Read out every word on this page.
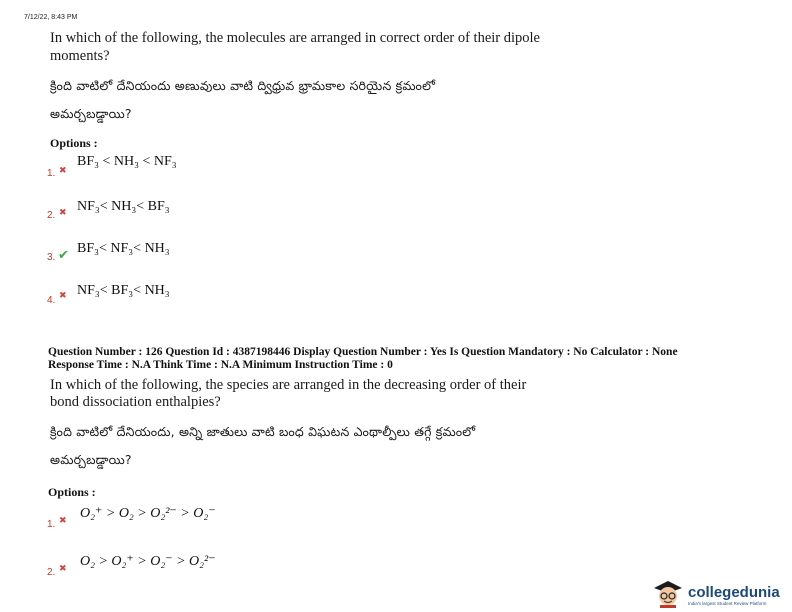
7/12/22, 8:43 PM
In which of the following, the molecules are arranged in correct order of their dipole
moments?
క్రింది వాటిలో దేనియందు అణువులు వాటి ద్విధ్రువ భ్రామకాల సరియైన క్రమంలో
అమర్చబడ్డాయి?
Options :
1. ✖
BF₃ < NH₃ < NF₃
2. ✖ NF₃< NH₃< BF₃
3. ✔ BF₃< NF₃< NH₃
4. ✖ NF₃< BF₃< NH₃
Question Number : 126 Question Id : 4387198446 Display Question Number : Yes Is Question Mandatory : No Calculator : None
Response Time : N.A Think Time : N.A Minimum Instruction Time : 0
In which of the following, the species are arranged in the decreasing order of their
bond dissociation enthalpies?
క్రింది వాటిలో దేనియందు, అన్ని జాతులు వాటి బంధ విఘటన ఎంథాల్పీలు తగ్గే క్రమంలో
అమర్చబడ్డాయి?
Options :
1. ✖ O₂⁺ > O₂ > O₂²⁻ > O₂⁻
2. ✖ O₂ > O₂⁺ > O₂⁻ > O₂²⁻
collegedunia
India's largest Student Review Platform
